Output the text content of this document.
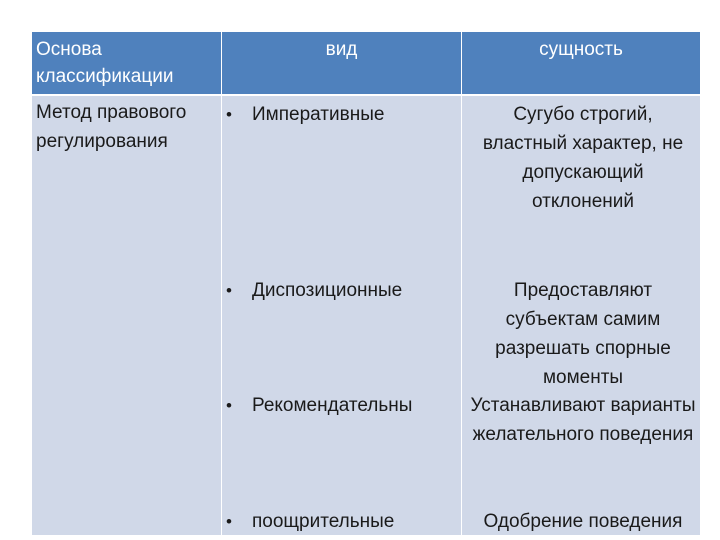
Основа классификации
вид	сущность
Метод правового регулирования
• Императивные
• Диспозиционные
• Рекомендательны
• поощрительные
Сугубо строгий, властный характер, не допускающий отклонений
Предоставляют субъектам самим разрешать спорные моменты
Устанавливают варианты желательного поведения
Одобрение поведения
